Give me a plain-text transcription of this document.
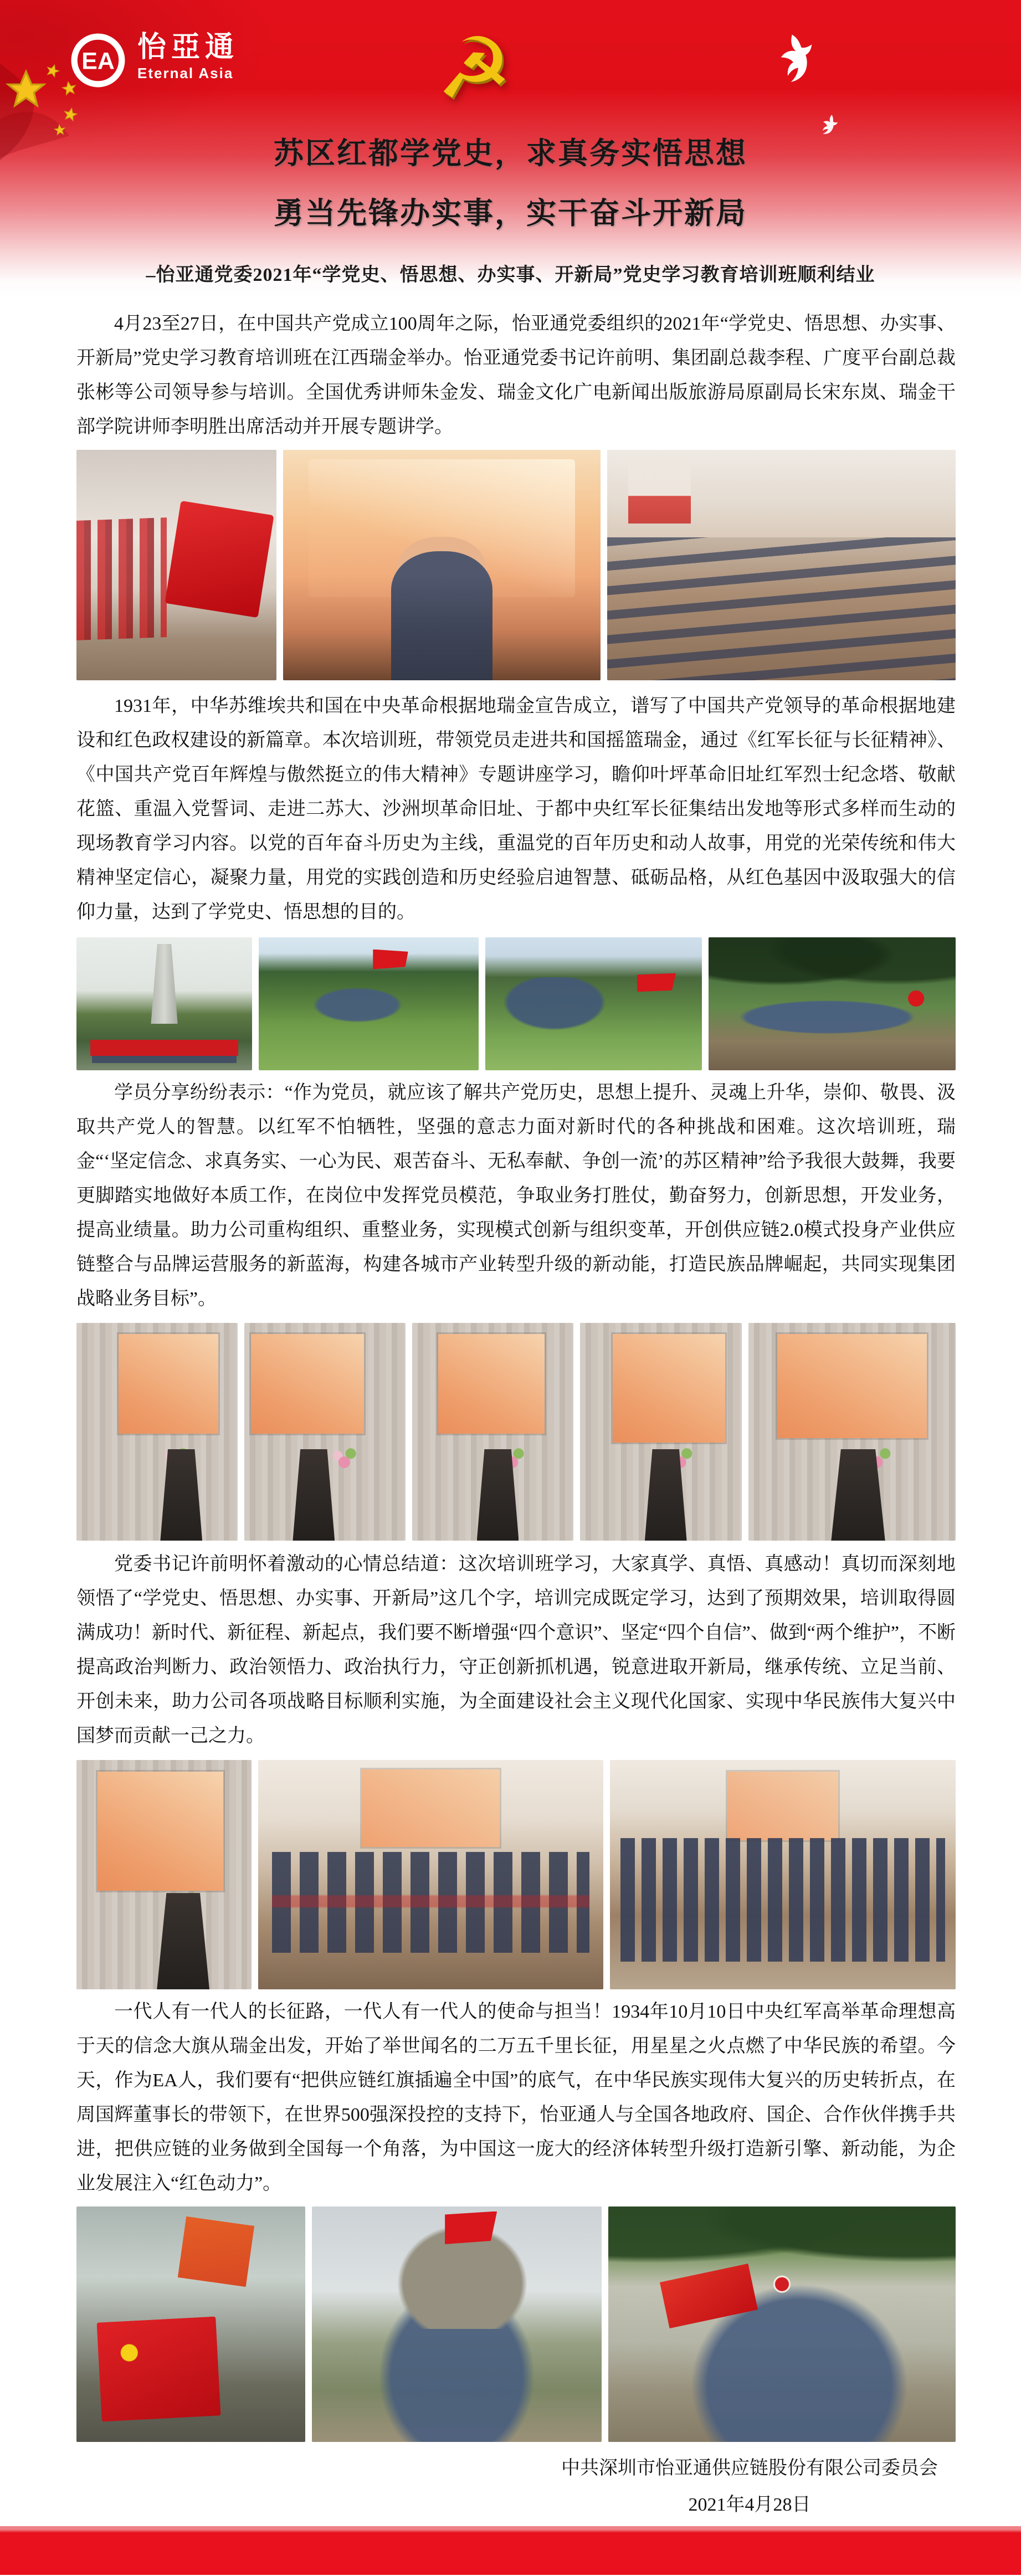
EA 怡亞通
Eternal Asia ☭
苏区红都学党史，求真务实悟思想
勇当先锋办实事，实干奋斗开新局
–怡亚通党委2021年“学党史、悟思想、办实事、开新局”党史学习教育培训班顺利结业

4月23至27日，在中国共产党成立100周年之际，怡亚通党委组织的2021年“学党史、悟思想、办实事、开新局”党史学习教育培训班在江西瑞金举办。怡亚通党委书记许前明、集团副总裁李程、广度平台副总裁张彬等公司领导参与培训。全国优秀讲师朱金发、瑞金文化广电新闻出版旅游局原副局长宋东岚、瑞金干部学院讲师李明胜出席活动并开展专题讲学。

1931年，中华苏维埃共和国在中央革命根据地瑞金宣告成立，谱写了中国共产党领导的革命根据地建设和红色政权建设的新篇章。本次培训班，带领党员走进共和国摇篮瑞金，通过《红军长征与长征精神》、《中国共产党百年辉煌与傲然挺立的伟大精神》专题讲座学习，瞻仰叶坪革命旧址红军烈士纪念塔、敬献花篮、重温入党誓词、走进二苏大、沙洲坝革命旧址、于都中央红军长征集结出发地等形式多样而生动的现场教育学习内容。以党的百年奋斗历史为主线，重温党的百年历史和动人故事，用党的光荣传统和伟大精神坚定信心，凝聚力量，用党的实践创造和历史经验启迪智慧、砥砺品格，从红色基因中汲取强大的信仰力量，达到了学党史、悟思想的目的。

学员分享纷纷表示：“作为党员，就应该了解共产党历史，思想上提升、灵魂上升华，崇仰、敬畏、汲取共产党人的智慧。以红军不怕牺牲，坚强的意志力面对新时代的各种挑战和困难。这次培训班，瑞金“‘坚定信念、求真务实、一心为民、艰苦奋斗、无私奉献、争创一流’的苏区精神”给予我很大鼓舞，我要更脚踏实地做好本质工作，在岗位中发挥党员模范，争取业务打胜仗，勤奋努力，创新思想，开发业务，提高业绩量。助力公司重构组织、重整业务，实现模式创新与组织变革，开创供应链2.0模式投身产业供应链整合与品牌运营服务的新蓝海，构建各城市产业转型升级的新动能，打造民族品牌崛起，共同实现集团战略业务目标”。

党委书记许前明怀着激动的心情总结道：这次培训班学习，大家真学、真悟、真感动！真切而深刻地领悟了“学党史、悟思想、办实事、开新局”这几个字，培训完成既定学习，达到了预期效果，培训取得圆满成功！新时代、新征程、新起点，我们要不断增强“四个意识”、坚定“四个自信”、做到“两个维护”，不断提高政治判断力、政治领悟力、政治执行力，守正创新抓机遇，锐意进取开新局，继承传统、立足当前、开创未来，助力公司各项战略目标顺利实施，为全面建设社会主义现代化国家、实现中华民族伟大复兴中国梦而贡献一己之力。

一代人有一代人的长征路，一代人有一代人的使命与担当！1934年10月10日中央红军高举革命理想高于天的信念大旗从瑞金出发，开始了举世闻名的二万五千里长征，用星星之火点燃了中华民族的希望。今天，作为EA人，我们要有“把供应链红旗插遍全中国”的底气，在中华民族实现伟大复兴的历史转折点，在周国辉董事长的带领下，在世界500强深投控的支持下，怡亚通人与全国各地政府、国企、合作伙伴携手共进，把供应链的业务做到全国每一个角落，为中国这一庞大的经济体转型升级打造新引擎、新动能，为企业发展注入“红色动力”。

中共深圳市怡亚通供应链股份有限公司委员会
2021年4月28日
